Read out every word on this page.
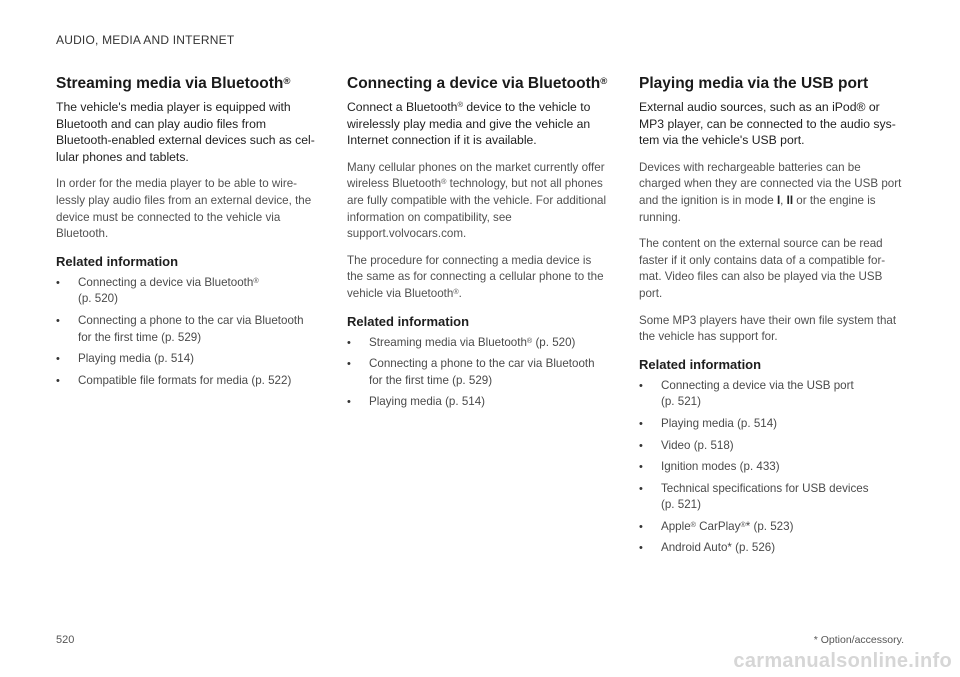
AUDIO, MEDIA AND INTERNET
Streaming media via Bluetooth®
The vehicle's media player is equipped with Bluetooth and can play audio files from Bluetooth-enabled external devices such as cel-lular phones and tablets.

In order for the media player to be able to wire-lessly play audio files from an external device, the device must be connected to the vehicle via Bluetooth.

Related information
• Connecting a device via Bluetooth®
(p. 520)
• Connecting a phone to the car via Bluetooth for the first time (p. 529)
• Playing media (p. 514)
• Compatible file formats for media (p. 522)
Connecting a device via Bluetooth®
Connect a Bluetooth® device to the vehicle to wirelessly play media and give the vehicle an Internet connection if it is available.

Many cellular phones on the market currently offer wireless Bluetooth® technology, but not all phones are fully compatible with the vehicle. For additional information on compatibility, see support.volvocars.com.

The procedure for connecting a media device is the same as for connecting a cellular phone to the vehicle via Bluetooth®.

Related information
• Streaming media via Bluetooth® (p. 520)
• Connecting a phone to the car via Bluetooth for the first time (p. 529)
• Playing media (p. 514)
Playing media via the USB port
External audio sources, such as an iPod® or MP3 player, can be connected to the audio sys-tem via the vehicle's USB port.

Devices with rechargeable batteries can be charged when they are connected via the USB port and the ignition is in mode I, II or the engine is running.

The content on the external source can be read faster if it only contains data of a compatible for-mat. Video files can also be played via the USB port.

Some MP3 players have their own file system that the vehicle has support for.

Related information
• Connecting a device via the USB port
(p. 521)
• Playing media (p. 514)
• Video (p. 518)
• Ignition modes (p. 433)
• Technical specifications for USB devices
(p. 521)
• Apple® CarPlay®* (p. 523)
• Android Auto* (p. 526)
520	* Option/accessory.
carmanualsonline.info
